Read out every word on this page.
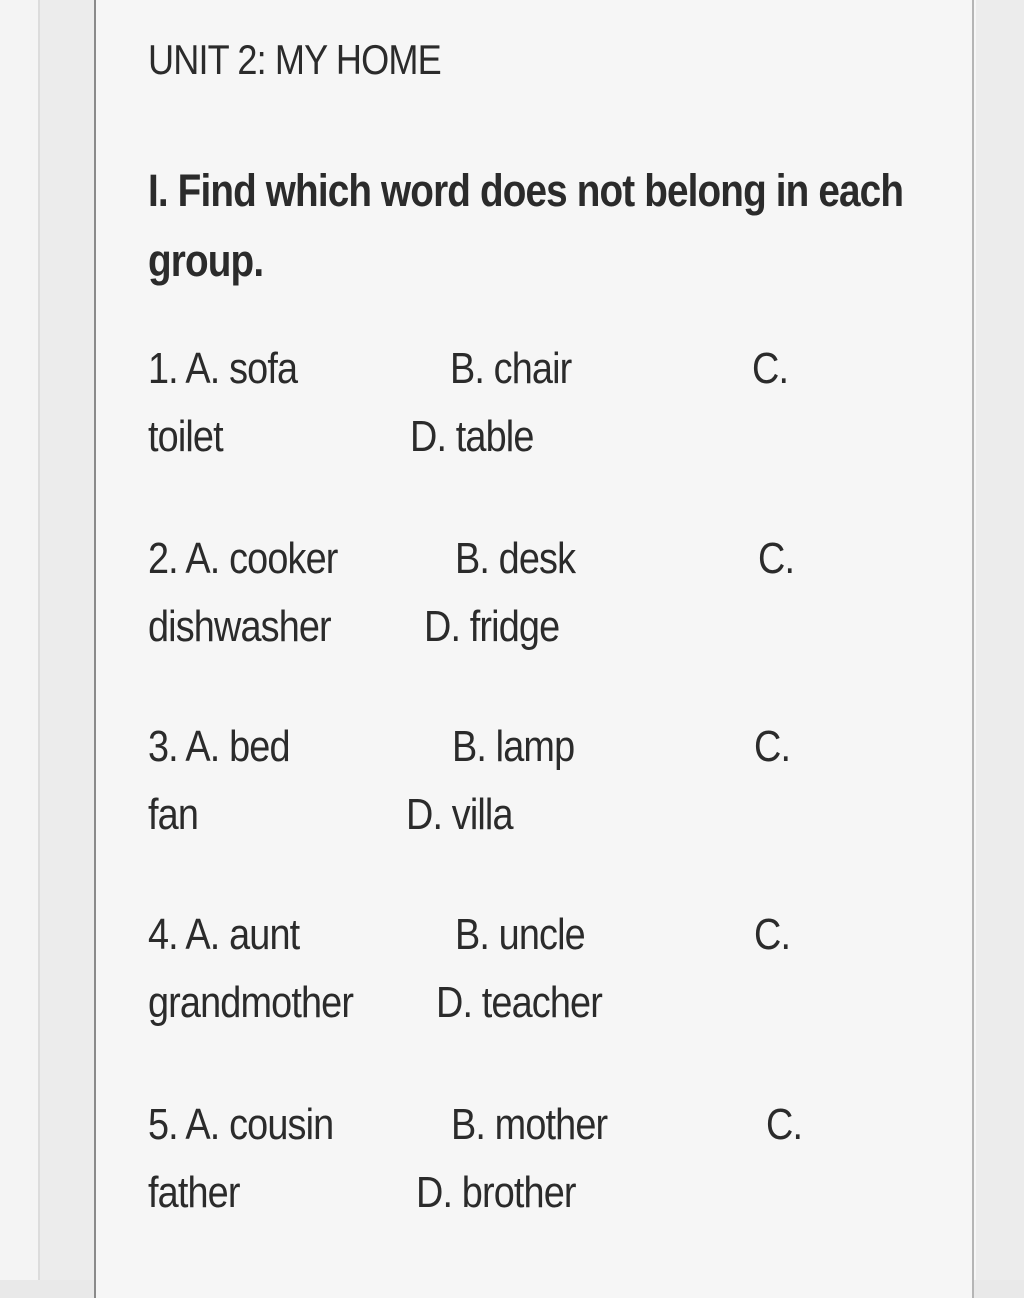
UNIT 2: MY HOME
I. Find which word does not belong in each group.
1. A. sofa	B. chair	C.
toilet	D. table
2. A. cooker	B. desk	C.
dishwasher D. fridge
3. A. bed	B. lamp	C.
fan	D. villa
4. A. aunt	B. uncle	C.
grandmother D. teacher
5. A. cousin	B. mother	C.
father	D. brother
